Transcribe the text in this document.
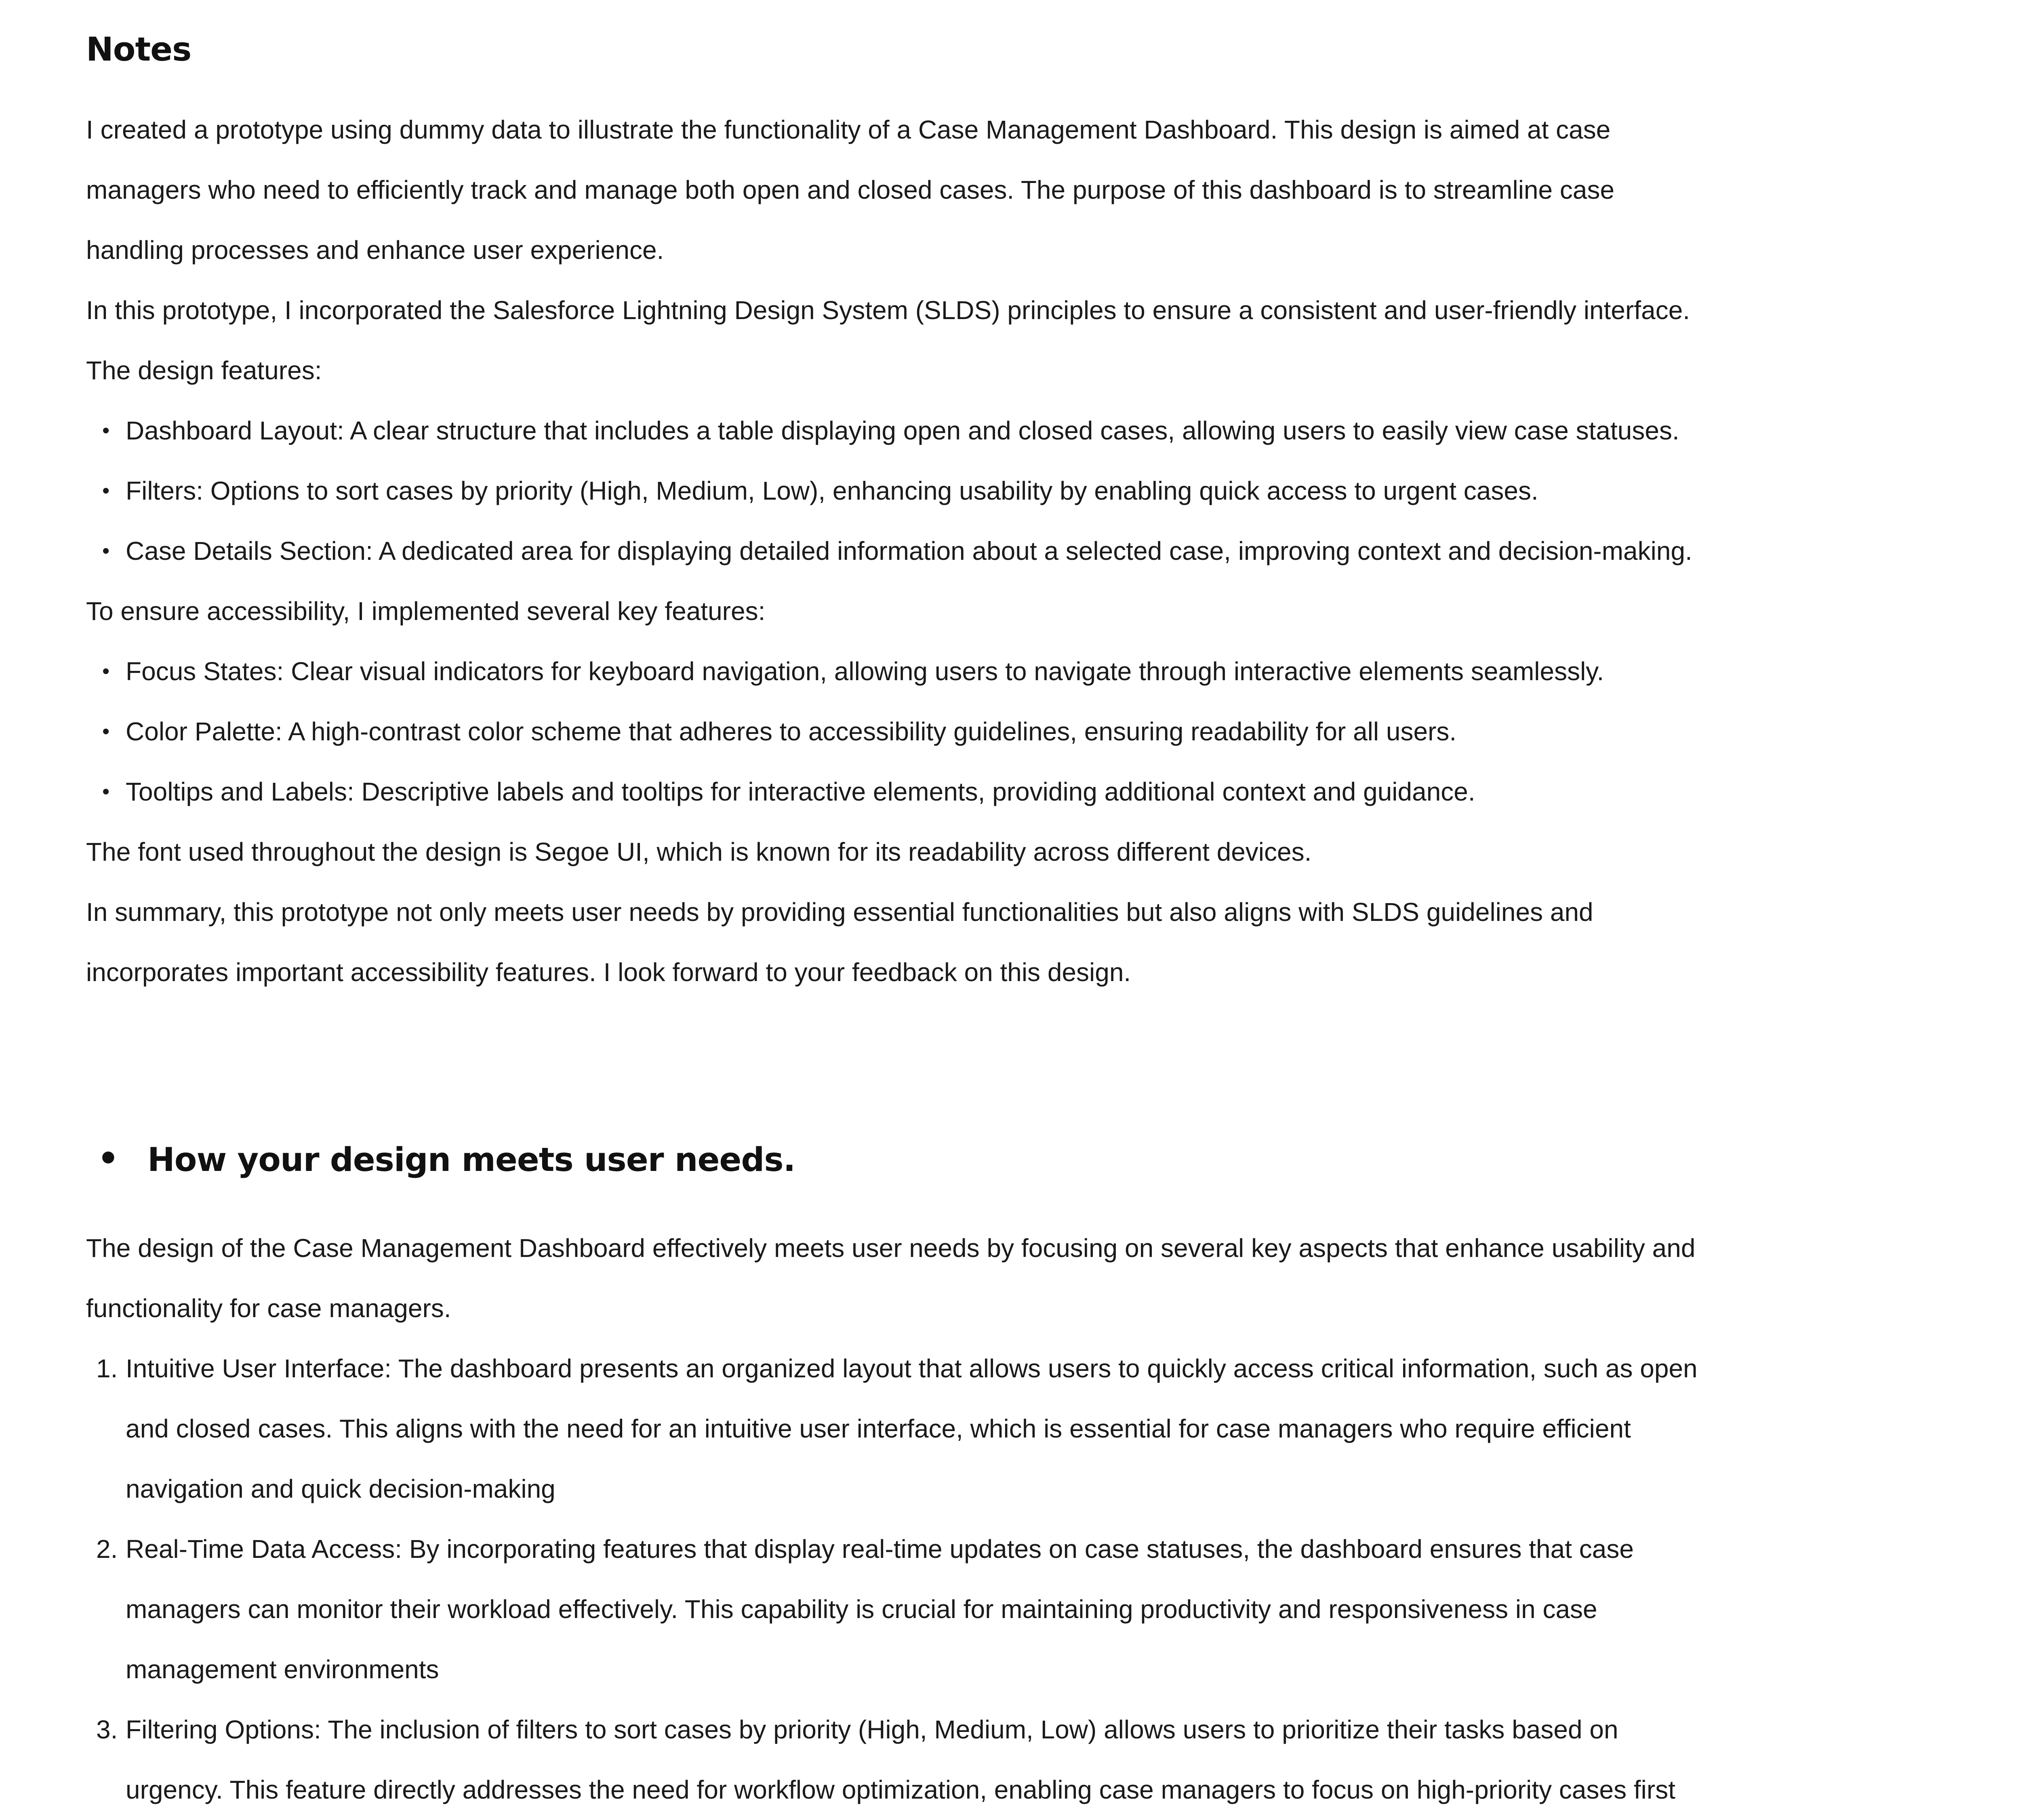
Notes

I created a prototype using dummy data to illustrate the functionality of a Case Management Dashboard. This design is aimed at case managers who need to efficiently track and manage both open and closed cases. The purpose of this dashboard is to streamline case handling processes and enhance user experience.

In this prototype, I incorporated the Salesforce Lightning Design System (SLDS) principles to ensure a consistent and user-friendly interface.

The design features:

• Dashboard Layout: A clear structure that includes a table displaying open and closed cases, allowing users to easily view case statuses.
• Filters: Options to sort cases by priority (High, Medium, Low), enhancing usability by enabling quick access to urgent cases.
• Case Details Section: A dedicated area for displaying detailed information about a selected case, improving context and decision-making.

To ensure accessibility, I implemented several key features:

• Focus States: Clear visual indicators for keyboard navigation, allowing users to navigate through interactive elements seamlessly.
• Color Palette: A high-contrast color scheme that adheres to accessibility guidelines, ensuring readability for all users.
• Tooltips and Labels: Descriptive labels and tooltips for interactive elements, providing additional context and guidance.

The font used throughout the design is Segoe UI, which is known for its readability across different devices.

In summary, this prototype not only meets user needs by providing essential functionalities but also aligns with SLDS guidelines and incorporates important accessibility features. I look forward to your feedback on this design.

• How your design meets user needs.

The design of the Case Management Dashboard effectively meets user needs by focusing on several key aspects that enhance usability and functionality for case managers.

1. Intuitive User Interface: The dashboard presents an organized layout that allows users to quickly access critical information, such as open and closed cases. This aligns with the need for an intuitive user interface, which is essential for case managers who require efficient navigation and quick decision-making
2. Real-Time Data Access: By incorporating features that display real-time updates on case statuses, the dashboard ensures that case managers can monitor their workload effectively. This capability is crucial for maintaining productivity and responsiveness in case management environments
3. Filtering Options: The inclusion of filters to sort cases by priority (High, Medium, Low) allows users to prioritize their tasks based on urgency. This feature directly addresses the need for workflow optimization, enabling case managers to focus on high-priority cases first
